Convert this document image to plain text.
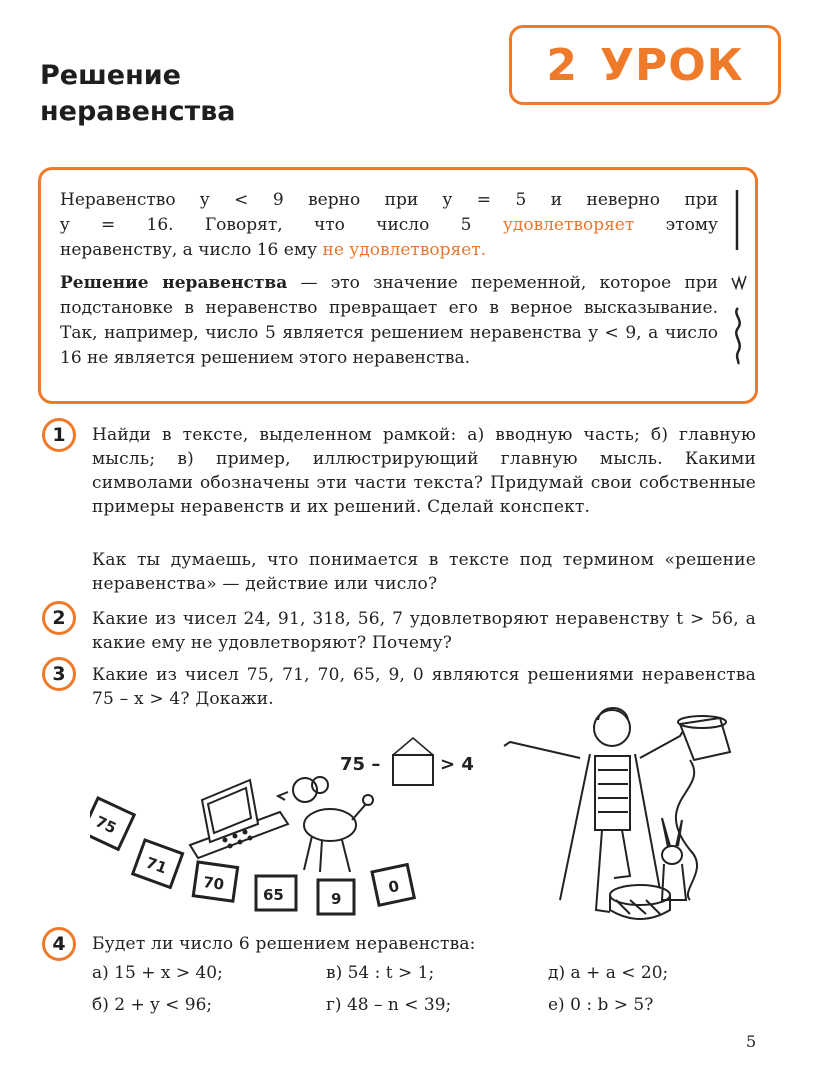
Решение
неравенства
2 УРОК
Неравенство y < 9 верно при y = 5 и неверно при
y = 16. Говорят, что число 5 удовлетворяет этому
неравенству, а число 16 ему не удовлетворяет.
Решение неравенства — это значение переменной, которое при подстановке в неравенство превращает его в верное высказывание. Так, например, число 5 является решением неравенства y < 9, а число 16 не является решением этого неравенства.
1	Найди в тексте, выделенном рамкой: а) вводную часть; б) главную мысль; в) пример, иллюстрирующий главную мысль. Какими символами обозначены эти части текста? Придумай свои собственные примеры неравенств и их решений. Сделай конспект.
Как ты думаешь, что понимается в тексте под термином «решение неравенства» — действие или число?
2	Какие из чисел 24, 91, 318, 56, 7 удовлетворяют неравенству t > 56, а какие ему не удовлетворяют? Почему?
3	Какие из чисел 75, 71, 70, 65, 9, 0 являются решениями неравенства 75 – x > 4? Докажи.
75 –	> 4
75
71
70
65	9
0
4	Будет ли число 6 решением неравенства:
а) 15 + x > 40;	в) 54 : t > 1;	д) a + a < 20;
б) 2 + y < 96;	г) 48 – n < 39;	е) 0 : b > 5?
5
